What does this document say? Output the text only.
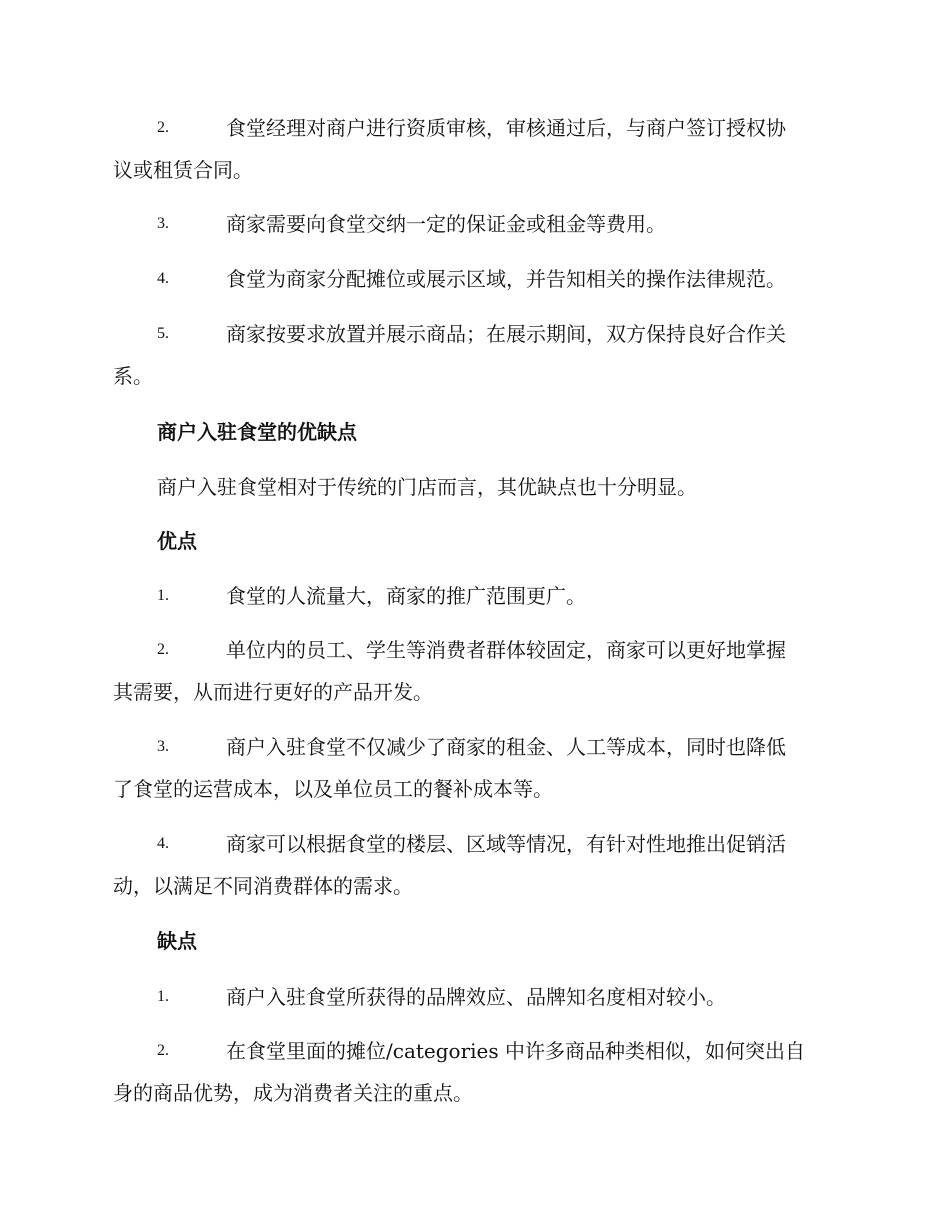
2.	食堂经理对商户进行资质审核，审核通过后，与商户签订授权协
议或租赁合同。
3.	商家需要向食堂交纳一定的保证金或租金等费用。
4.	食堂为商家分配摊位或展示区域，并告知相关的操作法律规范。
5.	商家按要求放置并展示商品；在展示期间，双方保持良好合作关
系。
商户入驻食堂的优缺点
商户入驻食堂相对于传统的门店而言，其优缺点也十分明显。
优点
1.	食堂的人流量大，商家的推广范围更广。
2.	单位内的员工、学生等消费者群体较固定，商家可以更好地掌握
其需要，从而进行更好的产品开发。
3.	商户入驻食堂不仅减少了商家的租金、人工等成本，同时也降低
了食堂的运营成本，以及单位员工的餐补成本等。
4.	商家可以根据食堂的楼层、区域等情况，有针对性地推出促销活
动，以满足不同消费群体的需求。
缺点
1.	商户入驻食堂所获得的品牌效应、品牌知名度相对较小。
2.	在食堂里面的摊位/categories 中许多商品种类相似，如何突出自
身的商品优势，成为消费者关注的重点。
